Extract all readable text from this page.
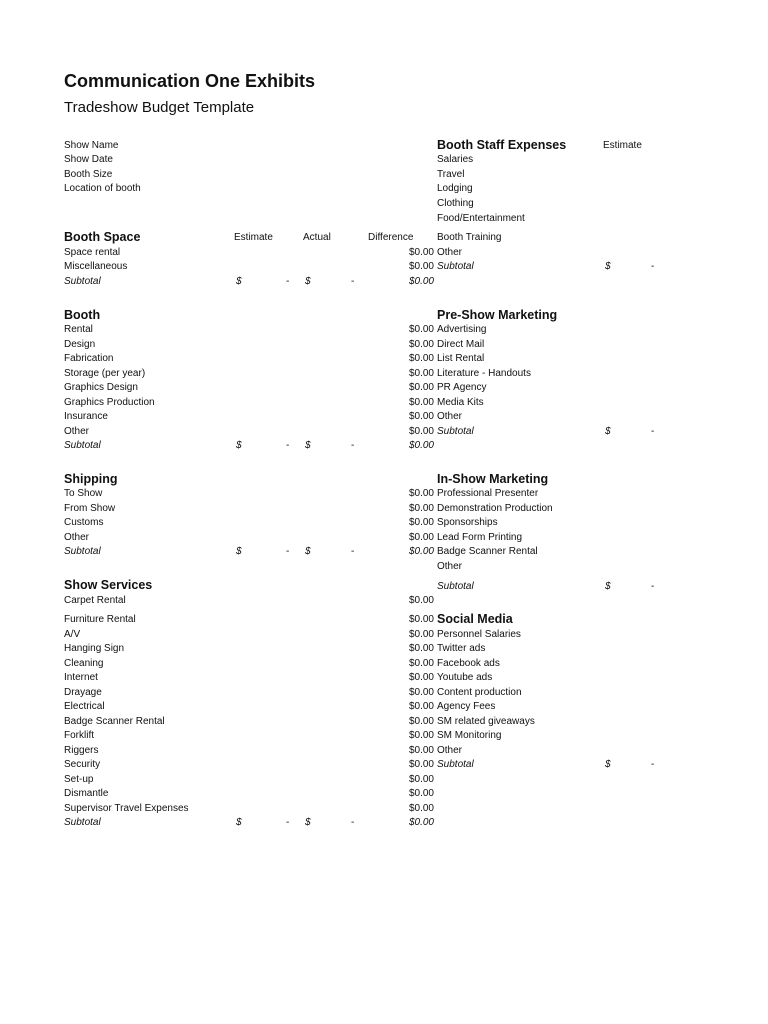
Communication One Exhibits
Tradeshow Budget Template
Show Name
Show Date
Booth Size
Location of booth
Booth Space	Estimate	Actual	Difference
Space rental	$0.00
Miscellaneous	$0.00
Subtotal	$	- $	-	$0.00
Booth
Rental	$0.00
Design	$0.00
Fabrication	$0.00
Storage (per year)	$0.00
Graphics Design	$0.00
Graphics Production	$0.00
Insurance	$0.00
Other	$0.00
Subtotal	$	- $	-	$0.00
Shipping
To Show	$0.00
From Show	$0.00
Customs	$0.00
Other	$0.00
Subtotal	$	- $	-	$0.00
Show Services
Carpet Rental	$0.00
Furniture Rental	$0.00
A/V	$0.00
Hanging Sign	$0.00
Cleaning	$0.00
Internet	$0.00
Drayage	$0.00
Electrical	$0.00
Badge Scanner Rental	$0.00
Forklift	$0.00
Riggers	$0.00
Security	$0.00
Set-up	$0.00
Dismantle	$0.00
Supervisor Travel Expenses	$0.00
Subtotal	$	- $	-	$0.00
Booth Staff Expenses	Estimate
Salaries
Travel
Lodging
Clothing
Food/Entertainment
Booth Training
Other
Subtotal	$	-
Pre-Show Marketing
Advertising
Direct Mail
List Rental
Literature - Handouts
PR Agency
Media Kits
Other
Subtotal	$	-
In-Show Marketing
Professional Presenter
Demonstration Production
Sponsorships
Lead Form Printing
Badge Scanner Rental
Other
Subtotal	$	-
Social Media
Personnel Salaries
Twitter ads
Facebook ads
Youtube ads
Content production
Agency Fees
SM related giveaways
SM Monitoring
Other
Subtotal	$	-
